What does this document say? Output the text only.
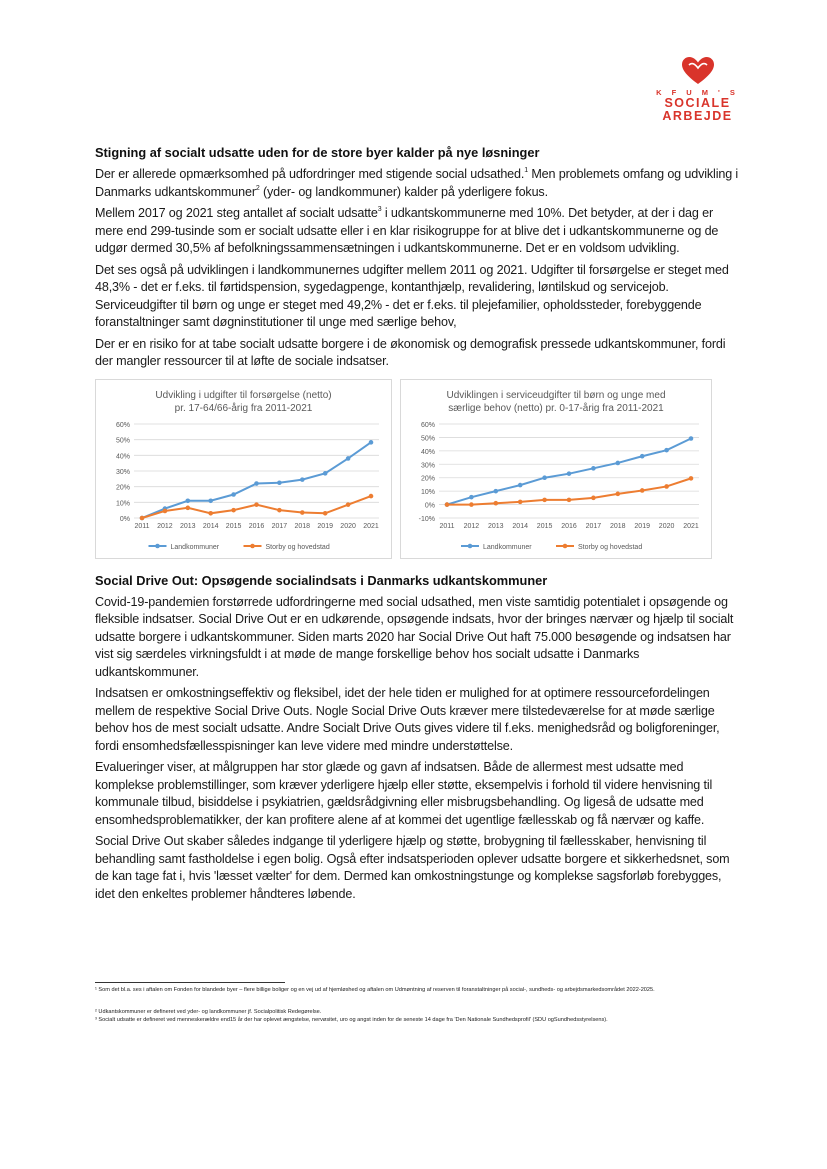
K F U M ' S
SOCIALE
ARBEJDE
Stigning af socialt udsatte uden for de store byer kalder på nye løsninger

Der er allerede opmærksomhed på udfordringer med stigende social udsathed.$^1$ Men problemets omfang og udvikling i Danmarks udkantskommuner$^2$ (yder- og landkommuner) kalder på yderligere fokus.

Mellem 2017 og 2021 steg antallet af socialt udsatte$^3$ i udkantskommunerne med 10%. Det betyder, at der i dag er mere end 299-tusinde som er socialt udsatte eller i en klar risikogruppe for at blive det i udkantskommunerne og de udgør dermed 30,5% af befolkningssammensætningen i udkantskommunerne. Det er en voldsom udvikling.

Det ses også på udviklingen i landkommunernes udgifter mellem 2011 og 2021. Udgifter til forsørgelse er steget med 48,3% - det er f.eks. til førtidspension, sygedagpenge, kontanthjælp, revalidering, løntilskud og servicejob. Serviceudgifter til børn og unge er steget med 49,2% - det er f.eks. til plejefamilier, opholdssteder, forebyggende foranstaltninger samt døgninstitutioner til unge med særlige behov,

Der er en risiko for at tabe socialt udsatte borgere i de økonomisk og demografisk pressede udkantskommuner, fordi der mangler ressourcer til at løfte de sociale indsatser.

Udvikling i udgifter til forsørgelse (netto)
pr. 17-64/66-årig fra 2011-2021
0%
10%
20%
30%
40%
50%
60%
2011 2012 2013 2014 2015 2016 2017 2018 2019 2020 2021
Landkommuner	Storby og hovedstad
Udviklingen i serviceudgifter til børn og unge med
særlige behov (netto) pr. 0-17-årig fra 2011-2021
-10%
0%
10%
20%
30%
40%
50%
60%
2011 2012 2013 2014 2015 2016 2017 2018 2019 2020 2021
Landkommuner	Storby og hovedstad
Social Drive Out: Opsøgende socialindsats i Danmarks udkantskommuner

Covid-19-pandemien forstørrede udfordringerne med social udsathed, men viste samtidig potentialet i opsøgende og fleksible indsatser. Social Drive Out er en udkørende, opsøgende indsats, hvor der bringes nærvær og hjælp til socialt udsatte borgere i udkantskommuner. Siden marts 2020 har Social Drive Out haft 75.000 besøgende og indsatsen har vist sig særdeles virkningsfuldt i at møde de mange forskellige behov hos socialt udsatte i Danmarks udkantskommuner.

Indsatsen er omkostningseffektiv og fleksibel, idet der hele tiden er mulighed for at optimere ressourcefordelingen mellem de respektive Social Drive Outs. Nogle Social Drive Outs kræver mere tilstedeværelse for at møde særlige behov hos de mest socialt udsatte. Andre Socialt Drive Outs gives videre til f.eks. menighedsråd og boligforeninger, fordi ensomhedsfællesspisninger kan leve videre med mindre understøttelse.

Evalueringer viser, at målgruppen har stor glæde og gavn af indsatsen. Både de allermest mest udsatte med komplekse problemstillinger, som kræver yderligere hjælp eller støtte, eksempelvis i forhold til videre henvisning til kommunale tilbud, bisiddelse i psykiatrien, gældsrådgivning eller misbrugsbehandling. Og ligeså de udsatte med ensomhedsproblematikker, der kan profitere alene af at kommei det ugentlige fællesskab og få nærvær og kaffe.

Social Drive Out skaber således indgange til yderligere hjælp og støtte, brobygning til fællesskaber, henvisning til behandling samt fastholdelse i egen bolig. Også efter indsatsperioden oplever udsatte borgere et sikkerhedsnet, som de kan tage fat i, hvis 'læsset vælter' for dem. Dermed kan omkostningstunge og komplekse sagsforløb forebygges, idet den enkeltes problemer håndteres løbende.

¹ Som det bl.a. ses i aftalen om Fonden for blandede byer – flere billige boliger og en vej ud af hjemløshed og aftalen om Udmøntning af reserven til foranstaltninger på social-, sundheds- og arbejdsmarkedsområdet 2022-2025.
² Udkantskommuner er defineret ved yder- og landkommuner jf. Socialpolitisk Redegørelse.
³ Socialt udsatte er defineret ved menneskerældre end15 år der har oplevet ængstelse, nervøsitet, uro og angst inden for de seneste 14 dage fra 'Den Nationale Sundhedsprofil' (SDU ogSundhedsstyrelsens).
